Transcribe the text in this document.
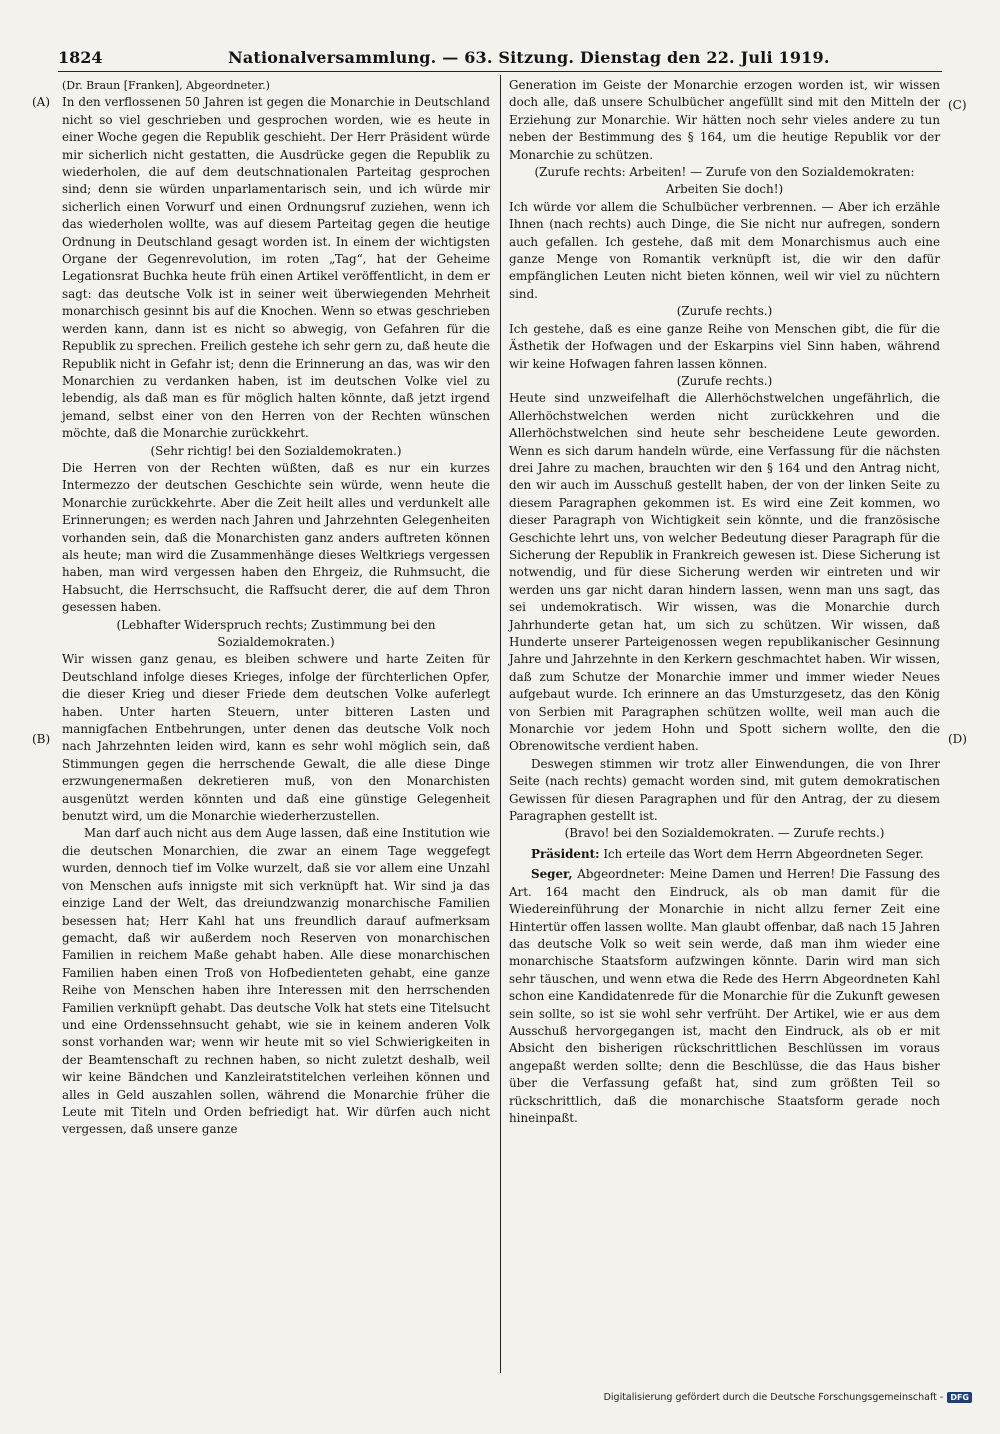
1824	Nationalversammlung. — 63. Sitzung. Dienstag den 22. Juli 1919.
(A)
(B)
(C)
(D)

(Dr. Braun [Franken], Abgeordneter.)

In den verflossenen 50 Jahren ist gegen die Monarchie in Deutschland nicht so viel geschrieben und gesprochen worden, wie es heute in einer Woche gegen die Republik geschieht. Der Herr Präsident würde mir sicherlich nicht gestatten, die Ausdrücke gegen die Republik zu wiederholen, die auf dem deutschnationalen Parteitag gesprochen sind; denn sie würden unparlamentarisch sein, und ich würde mir sicherlich einen Vorwurf und einen Ordnungsruf zuziehen, wenn ich das wiederholen wollte, was auf diesem Parteitag gegen die heutige Ordnung in Deutschland gesagt worden ist. In einem der wichtigsten Organe der Gegenrevolution, im roten „Tag“, hat der Geheime Legationsrat Buchka heute früh einen Artikel veröffentlicht, in dem er sagt: das deutsche Volk ist in seiner weit überwiegenden Mehrheit monarchisch gesinnt bis auf die Knochen. Wenn so etwas geschrieben werden kann, dann ist es nicht so abwegig, von Gefahren für die Republik zu sprechen. Freilich gestehe ich sehr gern zu, daß heute die Republik nicht in Gefahr ist; denn die Erinnerung an das, was wir den Monarchien zu verdanken haben, ist im deutschen Volke viel zu lebendig, als daß man es für möglich halten könnte, daß jetzt irgend jemand, selbst einer von den Herren von der Rechten wünschen möchte, daß die Monarchie zurückkehrt.

(Sehr richtig! bei den Sozialdemokraten.)

Die Herren von der Rechten wüßten, daß es nur ein kurzes Intermezzo der deutschen Geschichte sein würde, wenn heute die Monarchie zurückkehrte. Aber die Zeit heilt alles und verdunkelt alle Erinnerungen; es werden nach Jahren und Jahrzehnten Gelegenheiten vorhanden sein, daß die Monarchisten ganz anders auftreten können als heute; man wird die Zusammenhänge dieses Weltkriegs vergessen haben, man wird vergessen haben den Ehrgeiz, die Ruhmsucht, die Habsucht, die Herrschsucht, die Raffsucht derer, die auf dem Thron gesessen haben.

(Lebhafter Widerspruch rechts; Zustimmung bei den Sozialdemokraten.)

Wir wissen ganz genau, es bleiben schwere und harte Zeiten für Deutschland infolge dieses Krieges, infolge der fürchterlichen Opfer, die dieser Krieg und dieser Friede dem deutschen Volke auferlegt haben. Unter harten Steuern, unter bitteren Lasten und mannigfachen Entbehrungen, unter denen das deutsche Volk noch nach Jahrzehnten leiden wird, kann es sehr wohl möglich sein, daß Stimmungen gegen die herrschende Gewalt, die alle diese Dinge erzwungenermaßen dekretieren muß, von den Monarchisten ausgenützt werden könnten und daß eine günstige Gelegenheit benutzt wird, um die Monarchie wiederherzustellen.

Man darf auch nicht aus dem Auge lassen, daß eine Institution wie die deutschen Monarchien, die zwar an einem Tage weggefegt wurden, dennoch tief im Volke wurzelt, daß sie vor allem eine Unzahl von Menschen aufs innigste mit sich verknüpft hat. Wir sind ja das einzige Land der Welt, das dreiundzwanzig monarchische Familien besessen hat; Herr Kahl hat uns freundlich darauf aufmerksam gemacht, daß wir außerdem noch Reserven von monarchischen Familien in reichem Maße gehabt haben. Alle diese monarchischen Familien haben einen Troß von Hofbedienteten gehabt, eine ganze Reihe von Menschen haben ihre Interessen mit den herrschenden Familien verknüpft gehabt. Das deutsche Volk hat stets eine Titelsucht und eine Ordenssehnsucht gehabt, wie sie in keinem anderen Volk sonst vorhanden war; wenn wir heute mit so viel Schwierigkeiten in der Beamtenschaft zu rechnen haben, so nicht zuletzt deshalb, weil wir keine Bändchen und Kanzleiratstitelchen verleihen können und alles in Geld auszahlen sollen, während die Monarchie früher die Leute mit Titeln und Orden befriedigt hat. Wir dürfen auch nicht vergessen, daß unsere ganze

Generation im Geiste der Monarchie erzogen worden ist, wir wissen doch alle, daß unsere Schulbücher angefüllt sind mit den Mitteln der Erziehung zur Monarchie. Wir hätten noch sehr vieles andere zu tun neben der Bestimmung des § 164, um die heutige Republik vor der Monarchie zu schützen.

(Zurufe rechts: Arbeiten! — Zurufe von den Sozialdemokraten: Arbeiten Sie doch!)

Ich würde vor allem die Schulbücher verbrennen. — Aber ich erzähle Ihnen (nach rechts) auch Dinge, die Sie nicht nur aufregen, sondern auch gefallen. Ich gestehe, daß mit dem Monarchismus auch eine ganze Menge von Romantik verknüpft ist, die wir den dafür empfänglichen Leuten nicht bieten können, weil wir viel zu nüchtern sind.

(Zurufe rechts.)

Ich gestehe, daß es eine ganze Reihe von Menschen gibt, die für die Ästhetik der Hofwagen und der Eskarpins viel Sinn haben, während wir keine Hofwagen fahren lassen können.

(Zurufe rechts.)

Heute sind unzweifelhaft die Allerhöchstwelchen ungefährlich, die Allerhöchstwelchen werden nicht zurückkehren und die Allerhöchstwelchen sind heute sehr bescheidene Leute geworden. Wenn es sich darum handeln würde, eine Verfassung für die nächsten drei Jahre zu machen, brauchten wir den § 164 und den Antrag nicht, den wir auch im Ausschuß gestellt haben, der von der linken Seite zu diesem Paragraphen gekommen ist. Es wird eine Zeit kommen, wo dieser Paragraph von Wichtigkeit sein könnte, und die französische Geschichte lehrt uns, von welcher Bedeutung dieser Paragraph für die Sicherung der Republik in Frankreich gewesen ist. Diese Sicherung ist notwendig, und für diese Sicherung werden wir eintreten und wir werden uns gar nicht daran hindern lassen, wenn man uns sagt, das sei undemokratisch. Wir wissen, was die Monarchie durch Jahrhunderte getan hat, um sich zu schützen. Wir wissen, daß Hunderte unserer Parteigenossen wegen republikanischer Gesinnung Jahre und Jahrzehnte in den Kerkern geschmachtet haben. Wir wissen, daß zum Schutze der Monarchie immer und immer wieder Neues aufgebaut wurde. Ich erinnere an das Umsturzgesetz, das den König von Serbien mit Paragraphen schützen wollte, weil man auch die Monarchie vor jedem Hohn und Spott sichern wollte, den die Obrenowitsche verdient haben.

Deswegen stimmen wir trotz aller Einwendungen, die von Ihrer Seite (nach rechts) gemacht worden sind, mit gutem demokratischen Gewissen für diesen Paragraphen und für den Antrag, der zu diesem Paragraphen gestellt ist.

(Bravo! bei den Sozialdemokraten. — Zurufe rechts.)

Präsident: Ich erteile das Wort dem Herrn Abgeordneten Seger.

Seger, Abgeordneter: Meine Damen und Herren! Die Fassung des Art. 164 macht den Eindruck, als ob man damit für die Wiedereinführung der Monarchie in nicht allzu ferner Zeit eine Hintertür offen lassen wollte. Man glaubt offenbar, daß nach 15 Jahren das deutsche Volk so weit sein werde, daß man ihm wieder eine monarchische Staatsform aufzwingen könnte. Darin wird man sich sehr täuschen, und wenn etwa die Rede des Herrn Abgeordneten Kahl schon eine Kandidatenrede für die Monarchie für die Zukunft gewesen sein sollte, so ist sie wohl sehr verfrüht. Der Artikel, wie er aus dem Ausschuß hervorgegangen ist, macht den Eindruck, als ob er mit Absicht den bisherigen rückschrittlichen Beschlüssen im voraus angepaßt werden sollte; denn die Beschlüsse, die das Haus bisher über die Verfassung gefaßt hat, sind zum größten Teil so rückschrittlich, daß die monarchische Staatsform gerade noch hineinpaßt.

Digitalisierung gefördert durch die Deutsche Forschungsgemeinschaft - DFG
